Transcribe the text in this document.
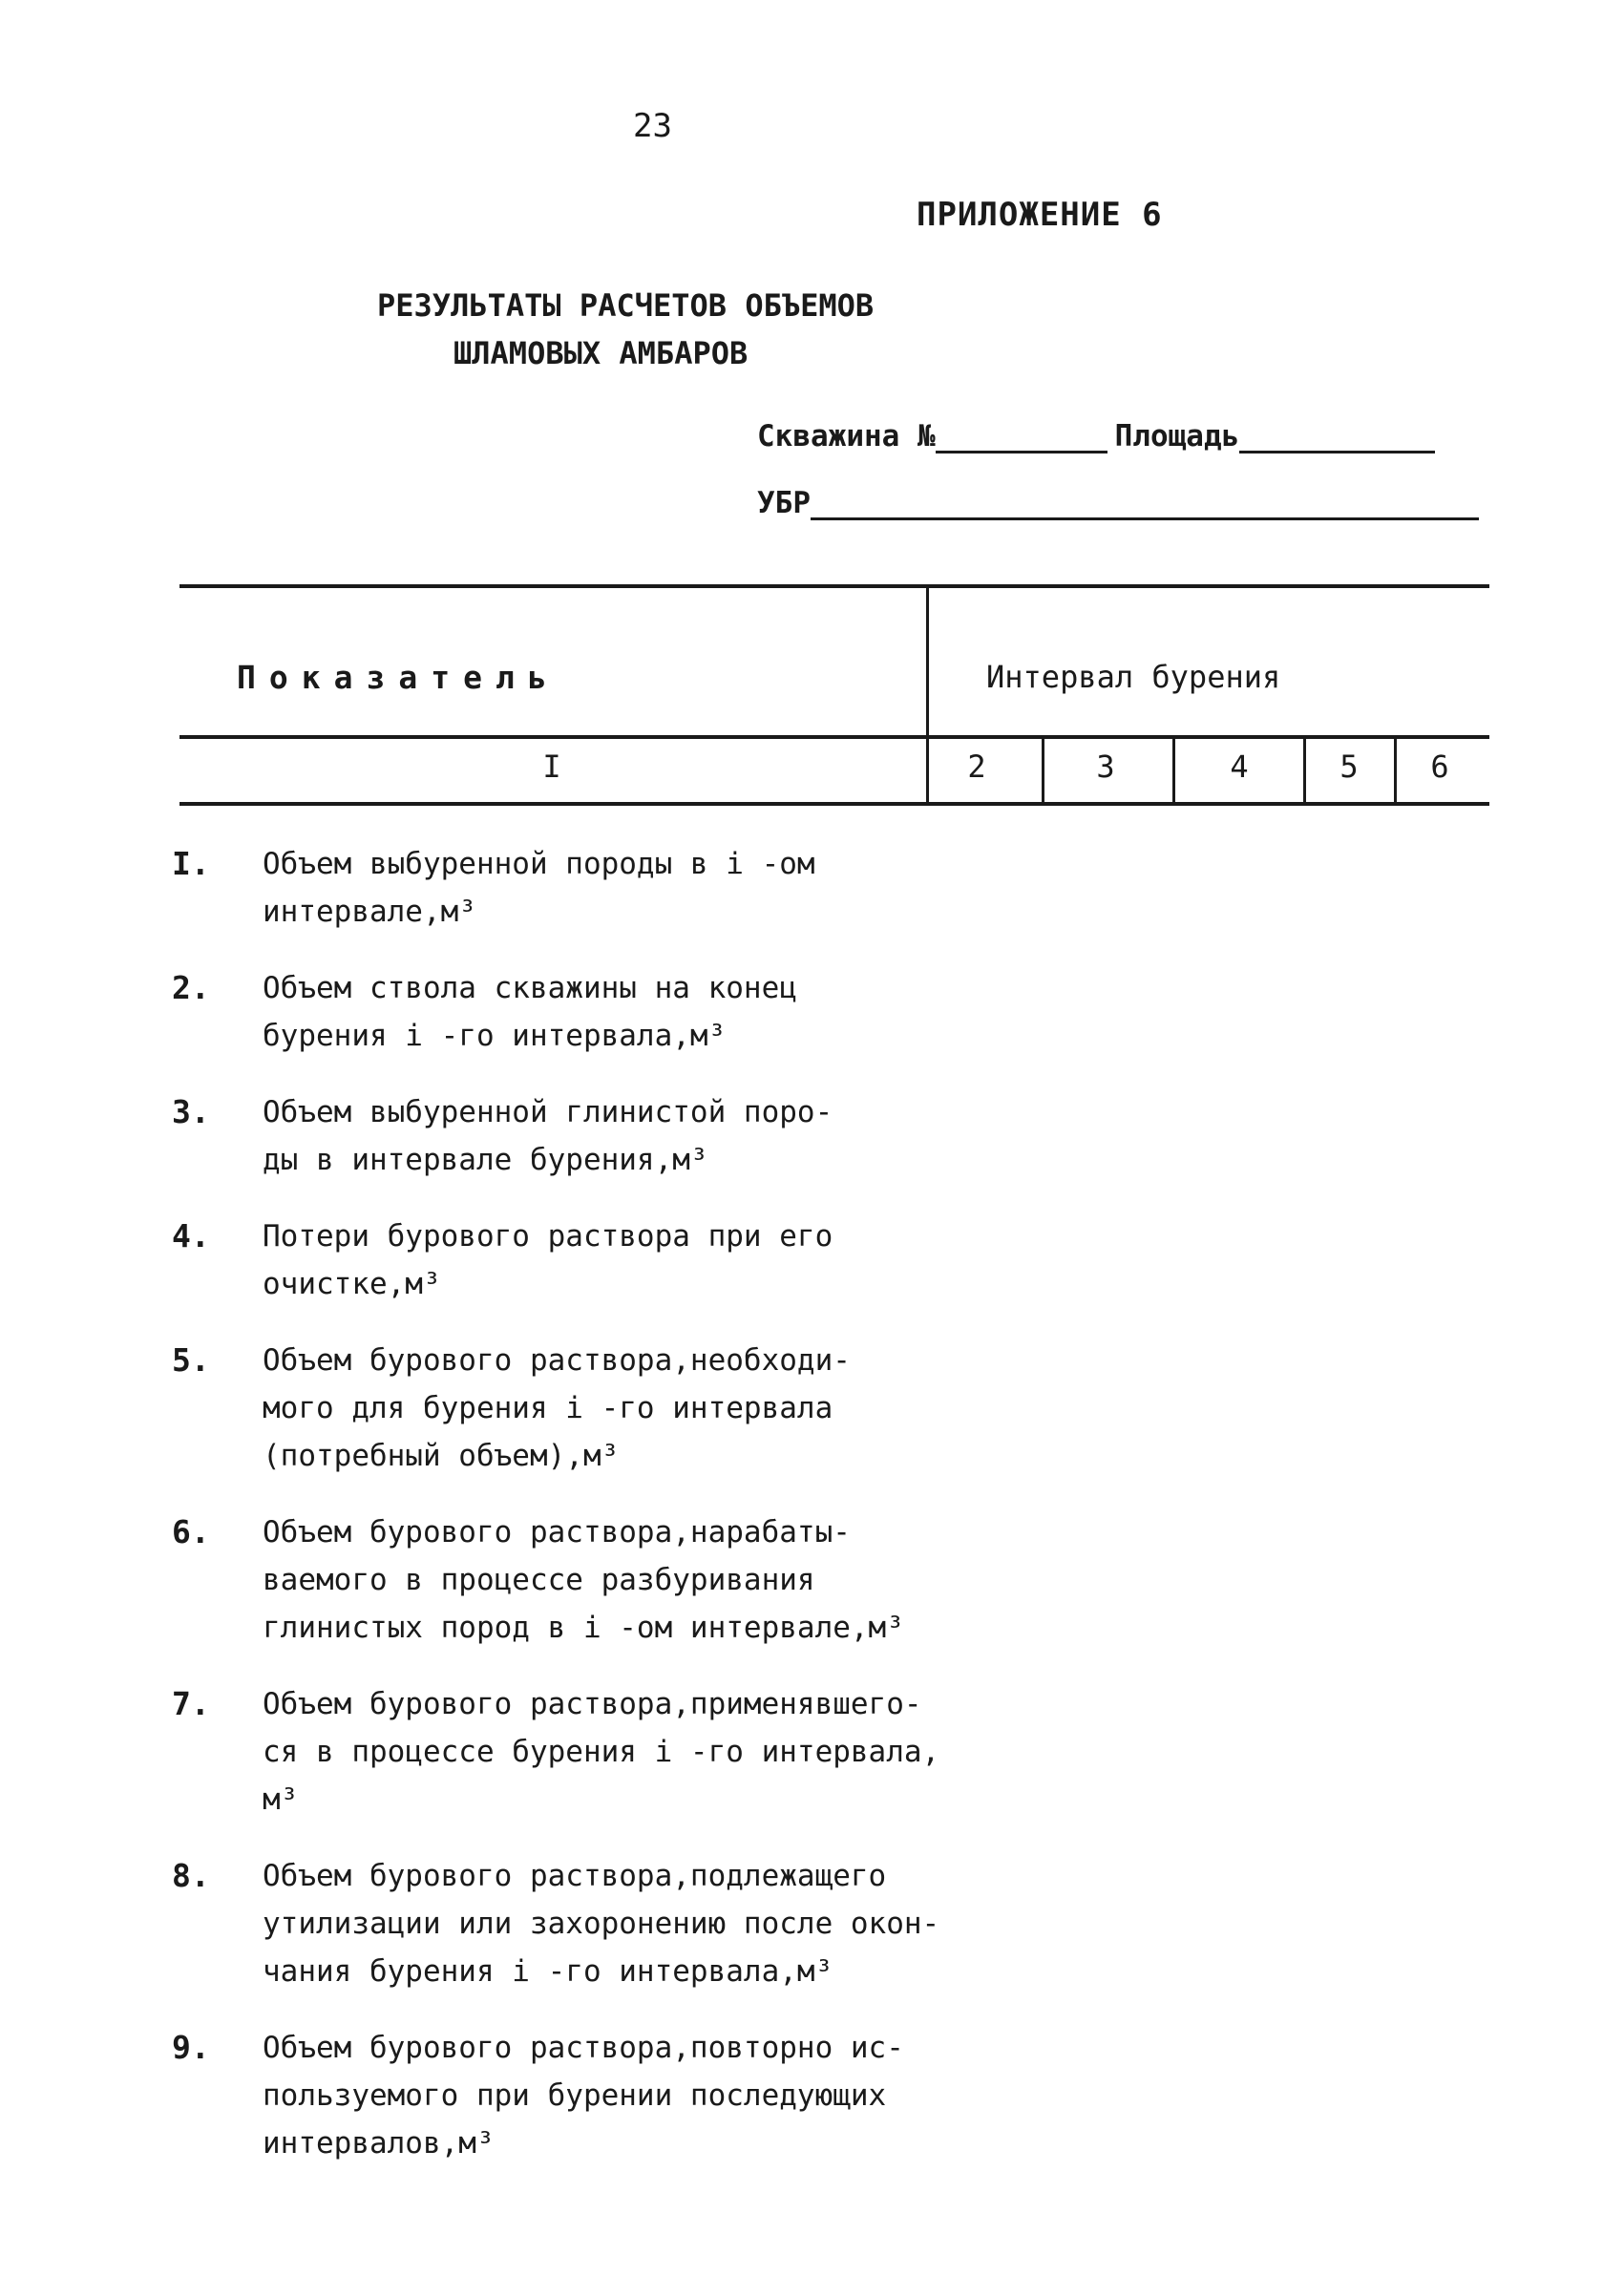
23
ПРИЛОЖЕНИЕ 6
РЕЗУЛЬТАТЫ РАСЧЕТОВ ОБЪЕМОВ
ШЛАМОВЫХ АМБАРОВ
Скважина №	Площадь
УБР
Показатель	Интервал бурения
I	2	3	4	5	6
I.	Объем выбуренной породы в i -ом
интервале,м³
2.	Объем ствола скважины на конец
бурения i -го интервала,м³
3.	Объем выбуренной глинистой поро-
ды в интервале бурения,м³
4.	Потери бурового раствора при его
очистке,м³
5.	Объем бурового раствора,необходи-
мого для бурения i -го интервала
(потребный объем),м³
6.	Объем бурового раствора,нарабаты-
ваемого в процессе разбуривания
глинистых пород в i -ом интервале,м³
7.	Объем бурового раствора,применявшего-
ся в процессе бурения i -го интервала,
м³
8.	Объем бурового раствора,подлежащего
утилизации или захоронению после окон-
чания бурения i -го интервала,м³
9.	Объем бурового раствора,повторно ис-
пользуемого при бурении последующих
интервалов,м³
